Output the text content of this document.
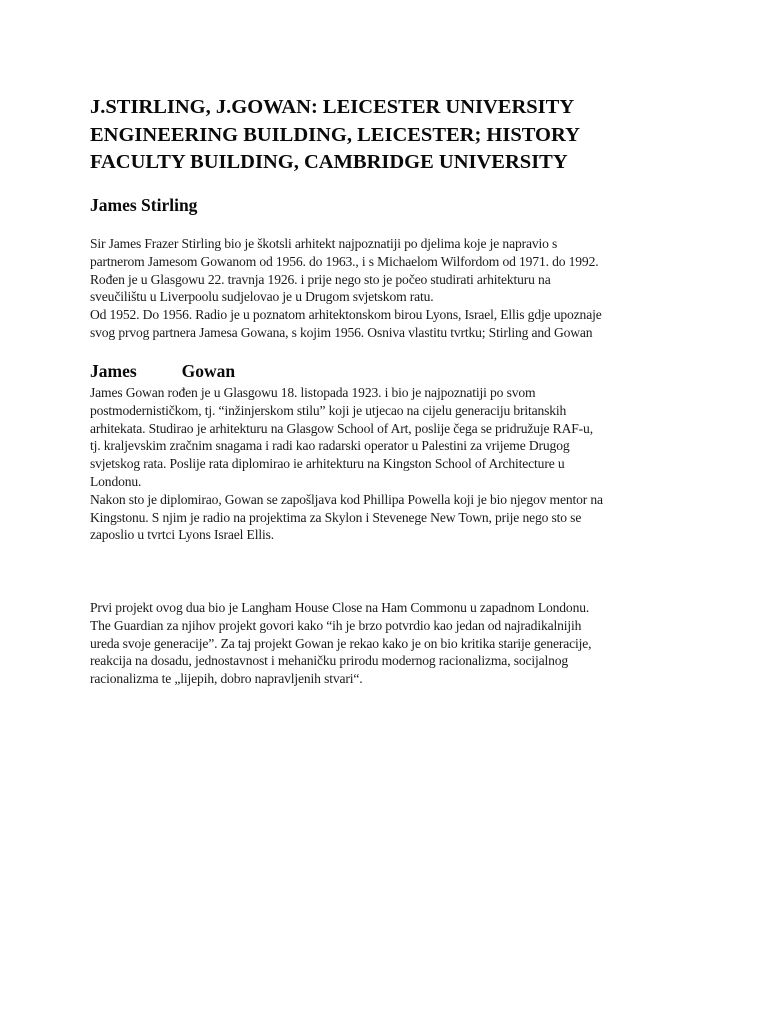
J.STIRLING, J.GOWAN: LEICESTER UNIVERSITY
ENGINEERING BUILDING, LEICESTER; HISTORY
FACULTY BUILDING, CAMBRIDGE UNIVERSITY
James Stirling

Sir James Frazer Stirling bio je škotsli arhitekt najpoznatiji po djelima koje je napravio s
partnerom Jamesom Gowanom od 1956. do 1963., i s Michaelom Wilfordom od 1971. do 1992.
Rođen je u Glasgowu 22. travnja 1926. i prije nego sto je počeo studirati arhitekturu na
sveučilištu u Liverpoolu sudjelovao je u Drugom svjetskom ratu.
Od 1952. Do 1956. Radio je u poznatom arhitektonskom birou Lyons, Israel, Ellis gdje upoznaje
svog prvog partnera Jamesa Gowana, s kojim 1956. Osniva vlastitu tvrtku; Stirling and Gowan

James	Gowan

James Gowan rođen je u Glasgowu 18. listopada 1923. i bio je najpoznatiji po svom
postmodernističkom, tj. “inžinjerskom stilu” koji je utjecao na cijelu generaciju britanskih
arhitekata. Studirao je arhitekturu na Glasgow School of Art, poslije čega se pridružuje RAF-u,
tj. kraljevskim zračnim snagama i radi kao radarski operator u Palestini za vrijeme Drugog
svjetskog rata. Poslije rata diplomirao ie arhitekturu na Kingston School of Architecture u
Londonu.
Nakon sto je diplomirao, Gowan se zapošljava kod Phillipa Powella koji je bio njegov mentor na
Kingstonu. S njim je radio na projektima za Skylon i Stevenege New Town, prije nego sto se
zaposlio u tvrtci Lyons Israel Ellis.

Prvi projekt ovog dua bio je Langham House Close na Ham Commonu u zapadnom Londonu.
The Guardian za njihov projekt govori kako “ih je brzo potvrdio kao jedan od najradikalnijih
ureda svoje generacije”. Za taj projekt Gowan je rekao kako je on bio kritika starije generacije,
reakcija na dosadu, jednostavnost i mehaničku prirodu modernog racionalizma, socijalnog
racionalizma te „lijepih, dobro napravljenih stvari“.
